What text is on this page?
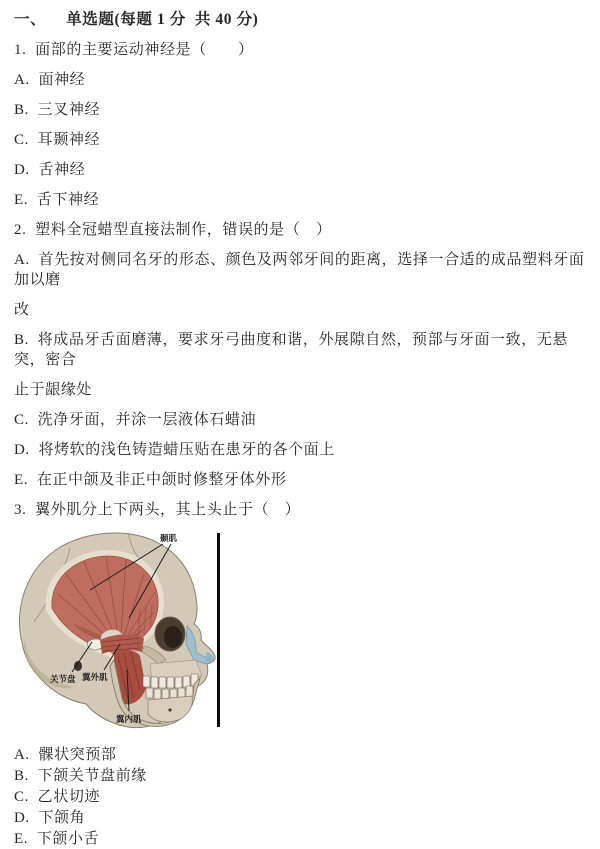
一、 单选题(每题 1 分  共 40 分)
1.  面部的主要运动神经是（　　）
A.  面神经
B.  三叉神经
C.  耳颞神经
D.  舌神经
E.  舌下神经
2.  塑料全冠蜡型直接法制作，错误的是（　）
A.  首先按对侧同名牙的形态、颜色及两邻牙间的距离，选择一合适的成品塑料牙面加以磨
改
B.  将成品牙舌面磨薄，要求牙弓曲度和谐，外展隙自然，预部与牙面一致，无悬突，密合
止于龈缘处
C.  洗净牙面，并涂一层液体石蜡油
D.  将烤软的浅色铸造蜡压贴在患牙的各个面上
E.  在正中颌及非正中颌时修整牙体外形
3.  翼外肌分上下两头，其上头止于（　）
颞肌
关节盘 翼外肌
翼内肌
A.  髁状突预部
B.  下颌关节盘前缘
C.  乙状切迹
D.  下颌角
E.  下颌小舌
